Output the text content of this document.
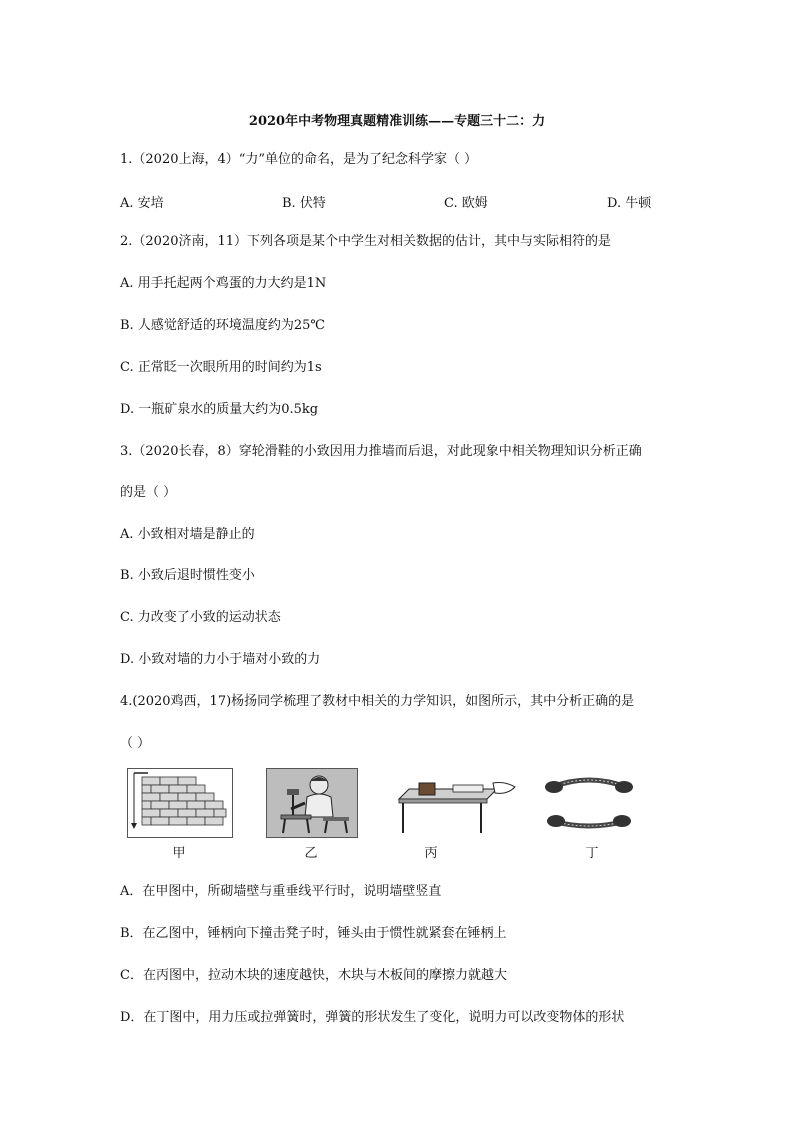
2020年中考物理真题精准训练——专题三十二：力
1.（2020上海，4）“力”单位的命名，是为了纪念科学家（ ）
A. 安培	B. 伏特	C. 欧姆	D. 牛顿
2.（2020济南，11）下列各项是某个中学生对相关数据的估计，其中与实际相符的是
A. 用手托起两个鸡蛋的力大约是1N
B. 人感觉舒适的环境温度约为25℃
C. 正常眨一次眼所用的时间约为1s
D. 一瓶矿泉水的质量大约为0.5kg
3.（2020长春，8）穿轮滑鞋的小致因用力推墙而后退，对此现象中相关物理知识分析正确
的是（ ）
A. 小致相对墙是静止的
B. 小致后退时惯性变小
C. 力改变了小致的运动状态
D. 小致对墙的力小于墙对小致的力
4.(2020鸡西，17)杨扬同学梳理了教材中相关的力学知识，如图所示，其中分析正确的是
（ ）
甲	乙	丙	丁
A．在甲图中，所砌墙壁与重垂线平行时，说明墙壁竖直
B．在乙图中，锤柄向下撞击凳子时，锤头由于惯性就紧套在锤柄上
C．在丙图中，拉动木块的速度越快，木块与木板间的摩擦力就越大
D．在丁图中，用力压或拉弹簧时，弹簧的形状发生了变化，说明力可以改变物体的形状
